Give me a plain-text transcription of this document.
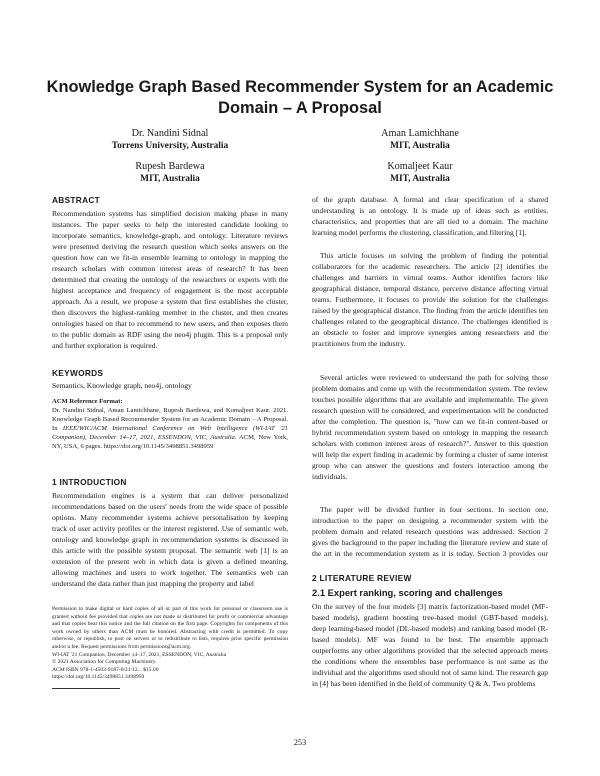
Knowledge Graph Based Recommender System for an Academic
Domain – A Proposal
Dr. Nandini Sidnal
Torrens University, Australia
Aman Lamichhane
MIT, Australia
Rupesh Bardewa
MIT, Australia
Komaljeet Kaur
MIT, Australia
ABSTRACT
Recommendation systems has simplified decision making phase in many instances. The paper seeks to help the interested candidate looking to incorporate semantics, knowledge-graph, and ontology. Literature reviews were presented deriving the research question which seeks answers on the question how can we fit-in ensemble learning to ontology in mapping the research scholars with common interest areas of research? It has been determined that creating the ontology of the researchers or experts with the highest acceptance and frequency of engagement is the most acceptable approach. As a result, we propose a system that first establishes the cluster, then discovers the highest-ranking member in the cluster, and then creates ontologies based on that to recommend to new users, and then exposes them to the public domain as RDF using the neo4j plugin. This is a proposal only and further exploration is required.
KEYWORDS
Semantics, Knowledge graph, neo4j, ontology
ACM Reference Format:
Dr. Nandini Sidnal, Aman Lamichhane, Rupesh Bardewa, and Komaljeet Kaur. 2021. Knowledge Graph Based Recommender System for an Academic Domain – A Proposal. In IEEE/WIC/ACM International Conference on Web Intelligence (WI-IAT '21 Companion), December 14–17, 2021, ESSENDON, VIC, Australia. ACM, New York, NY, USA, 6 pages. https://doi.org/10.1145/3498851.3498959
1 INTRODUCTION
Recommendation engines is a system that can deliver personalized recommendations based on the users' needs from the wide space of possible options. Many recommender systems achieve personalisation by keeping track of user activity profiles or the interest registered. Use of semantic web, ontology and knowledge graph in recommendation systems is discussed in this article with the possible system proposal. The semantic web [1] is an extension of the present web in which data is given a defined meaning, allowing machines and users to work together. The semantics web can understand the data rather than just mapping the property and label
Permission to make digital or hard copies of all or part of this work for personal or classroom use is granted without fee provided that copies are not made or distributed for profit or commercial advantage and that copies bear this notice and the full citation on the first page. Copyrights for components of this work owned by others than ACM must be honored. Abstracting with credit is permitted. To copy otherwise, or republish, to post on servers or to redistribute to lists, requires prior specific permission and/or a fee. Request permissions from permissions@acm.org.
WI-IAT '21 Companion, December 14–17, 2021, ESSENDON, VIC, Australia
© 2021 Association for Computing Machinery.
ACM ISBN 978-1-4503-9187-0/21/12... $15.00
https://doi.org/10.1145/3498851.3498959
of the graph database. A formal and clear specification of a shared understanding is an ontology. It is made up of ideas such as entities, characteristics, and properties that are all tied to a domain. The machine learning model performs the clustering, classification, and filtering [1].
This article focuses on solving the problem of finding the potential collaborators for the academic researchers. The article [2] identifies the challenges and barriers in virtual teams. Author identifies factors like geographical distance, temporal distance, perceive distance affecting virtual teams. Furthermore, it focuses to provide the solution for the challenges raised by the geographical distance. The finding from the article identifies ten challenges related to the geographical distance. The challenges identified is an obstacle to foster and improve synergies among researchers and the practitioners from the industry.
Several articles were reviewed to understand the path for solving those problem domains and come up with the recommendation system. The review touches possible algorithms that are available and implementable. The given research question will be considered, and experimentation will be conducted after the completion. The question is, "how can we fit-in content-based or hybrid recommendation system based on ontology in mapping the research scholars with common interest areas of research?". Answer to this question will help the expert finding in academic by forming a cluster of same interest group who can answer the questions and fosters interaction among the individuals.
The paper will be divided further in four sections. In section one, introduction to the paper on designing a recommender system with the problem domain and related research questions was addressed. Section 2 gives the background to the paper including the literature review and state of the art in the recommendation system as it is today. Section 3 provides our
2 LITERATURE REVIEW
2.1 Expert ranking, scoring and challenges
On the survey of the four models [3] matrix factorization-based model (MF-based models), gradient boosting tree-based model (GBT-based models), deep learning-based model (DL-based models) and ranking based model (R-based models). MF was found to be best. The ensemble approach outperforms any other algorithms provided that the selected approach meets the conditions where the ensembles base performance is not same as the individual and the algorithms used should not of same kind. The research gap in [4] has been identified in the field of community Q & A. Two problems
253
